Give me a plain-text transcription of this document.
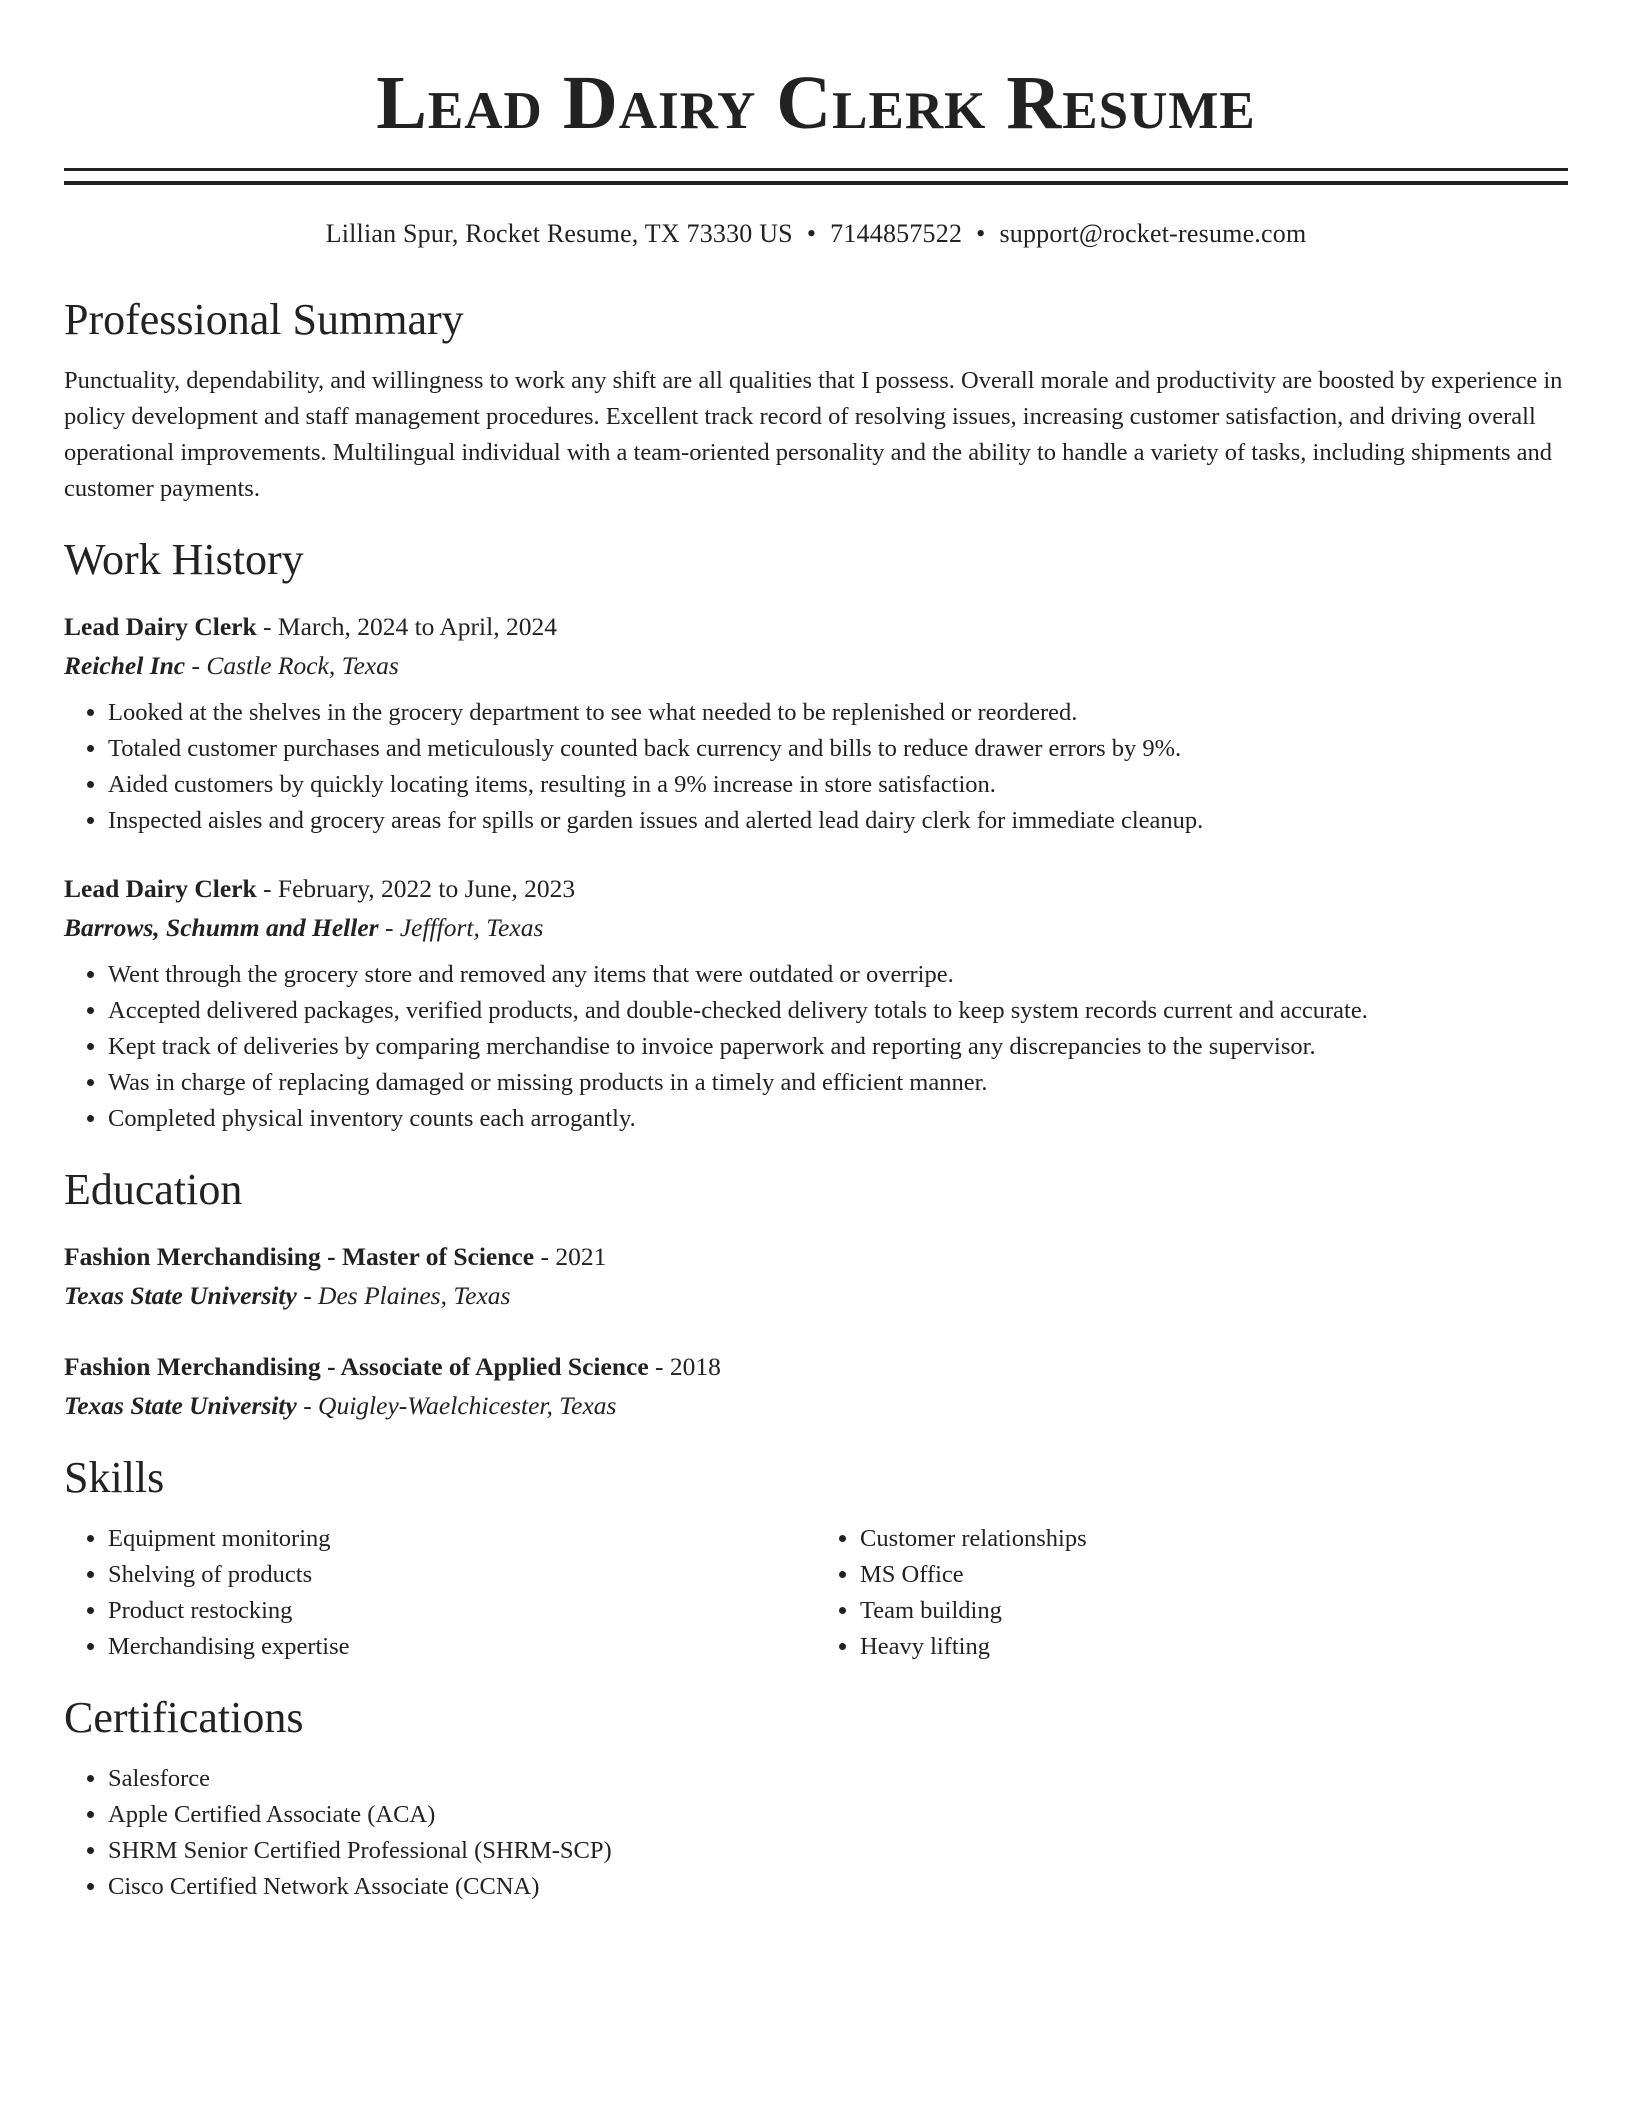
Lead Dairy Clerk Resume
Lillian Spur, Rocket Resume, TX 73330 US • 7144857522 • support@rocket-resume.com
Professional Summary

Punctuality, dependability, and willingness to work any shift are all qualities that I possess. Overall morale and productivity are boosted by experience in policy development and staff management procedures. Excellent track record of resolving issues, increasing customer satisfaction, and driving overall operational improvements. Multilingual individual with a team-oriented personality and the ability to handle a variety of tasks, including shipments and customer payments.

Work History
Lead Dairy Clerk - March, 2024 to April, 2024
Reichel Inc - Castle Rock, Texas
• Looked at the shelves in the grocery department to see what needed to be replenished or reordered.
• Totaled customer purchases and meticulously counted back currency and bills to reduce drawer errors by 9%.
• Aided customers by quickly locating items, resulting in a 9% increase in store satisfaction.
• Inspected aisles and grocery areas for spills or garden issues and alerted lead dairy clerk for immediate cleanup.
Lead Dairy Clerk - February, 2022 to June, 2023
Barrows, Schumm and Heller - Jefffort, Texas
• Went through the grocery store and removed any items that were outdated or overripe.
• Accepted delivered packages, verified products, and double-checked delivery totals to keep system records current and accurate.
• Kept track of deliveries by comparing merchandise to invoice paperwork and reporting any discrepancies to the supervisor.
• Was in charge of replacing damaged or missing products in a timely and efficient manner.
• Completed physical inventory counts each arrogantly.
Education
Fashion Merchandising - Master of Science - 2021
Texas State University - Des Plaines, Texas
Fashion Merchandising - Associate of Applied Science - 2018
Texas State University - Quigley-Waelchicester, Texas
Skills
• Equipment monitoring
• Shelving of products
• Product restocking
• Merchandising expertise
• Customer relationships
• MS Office
• Team building
• Heavy lifting
Certifications
• Salesforce
• Apple Certified Associate (ACA)
• SHRM Senior Certified Professional (SHRM-SCP)
• Cisco Certified Network Associate (CCNA)
